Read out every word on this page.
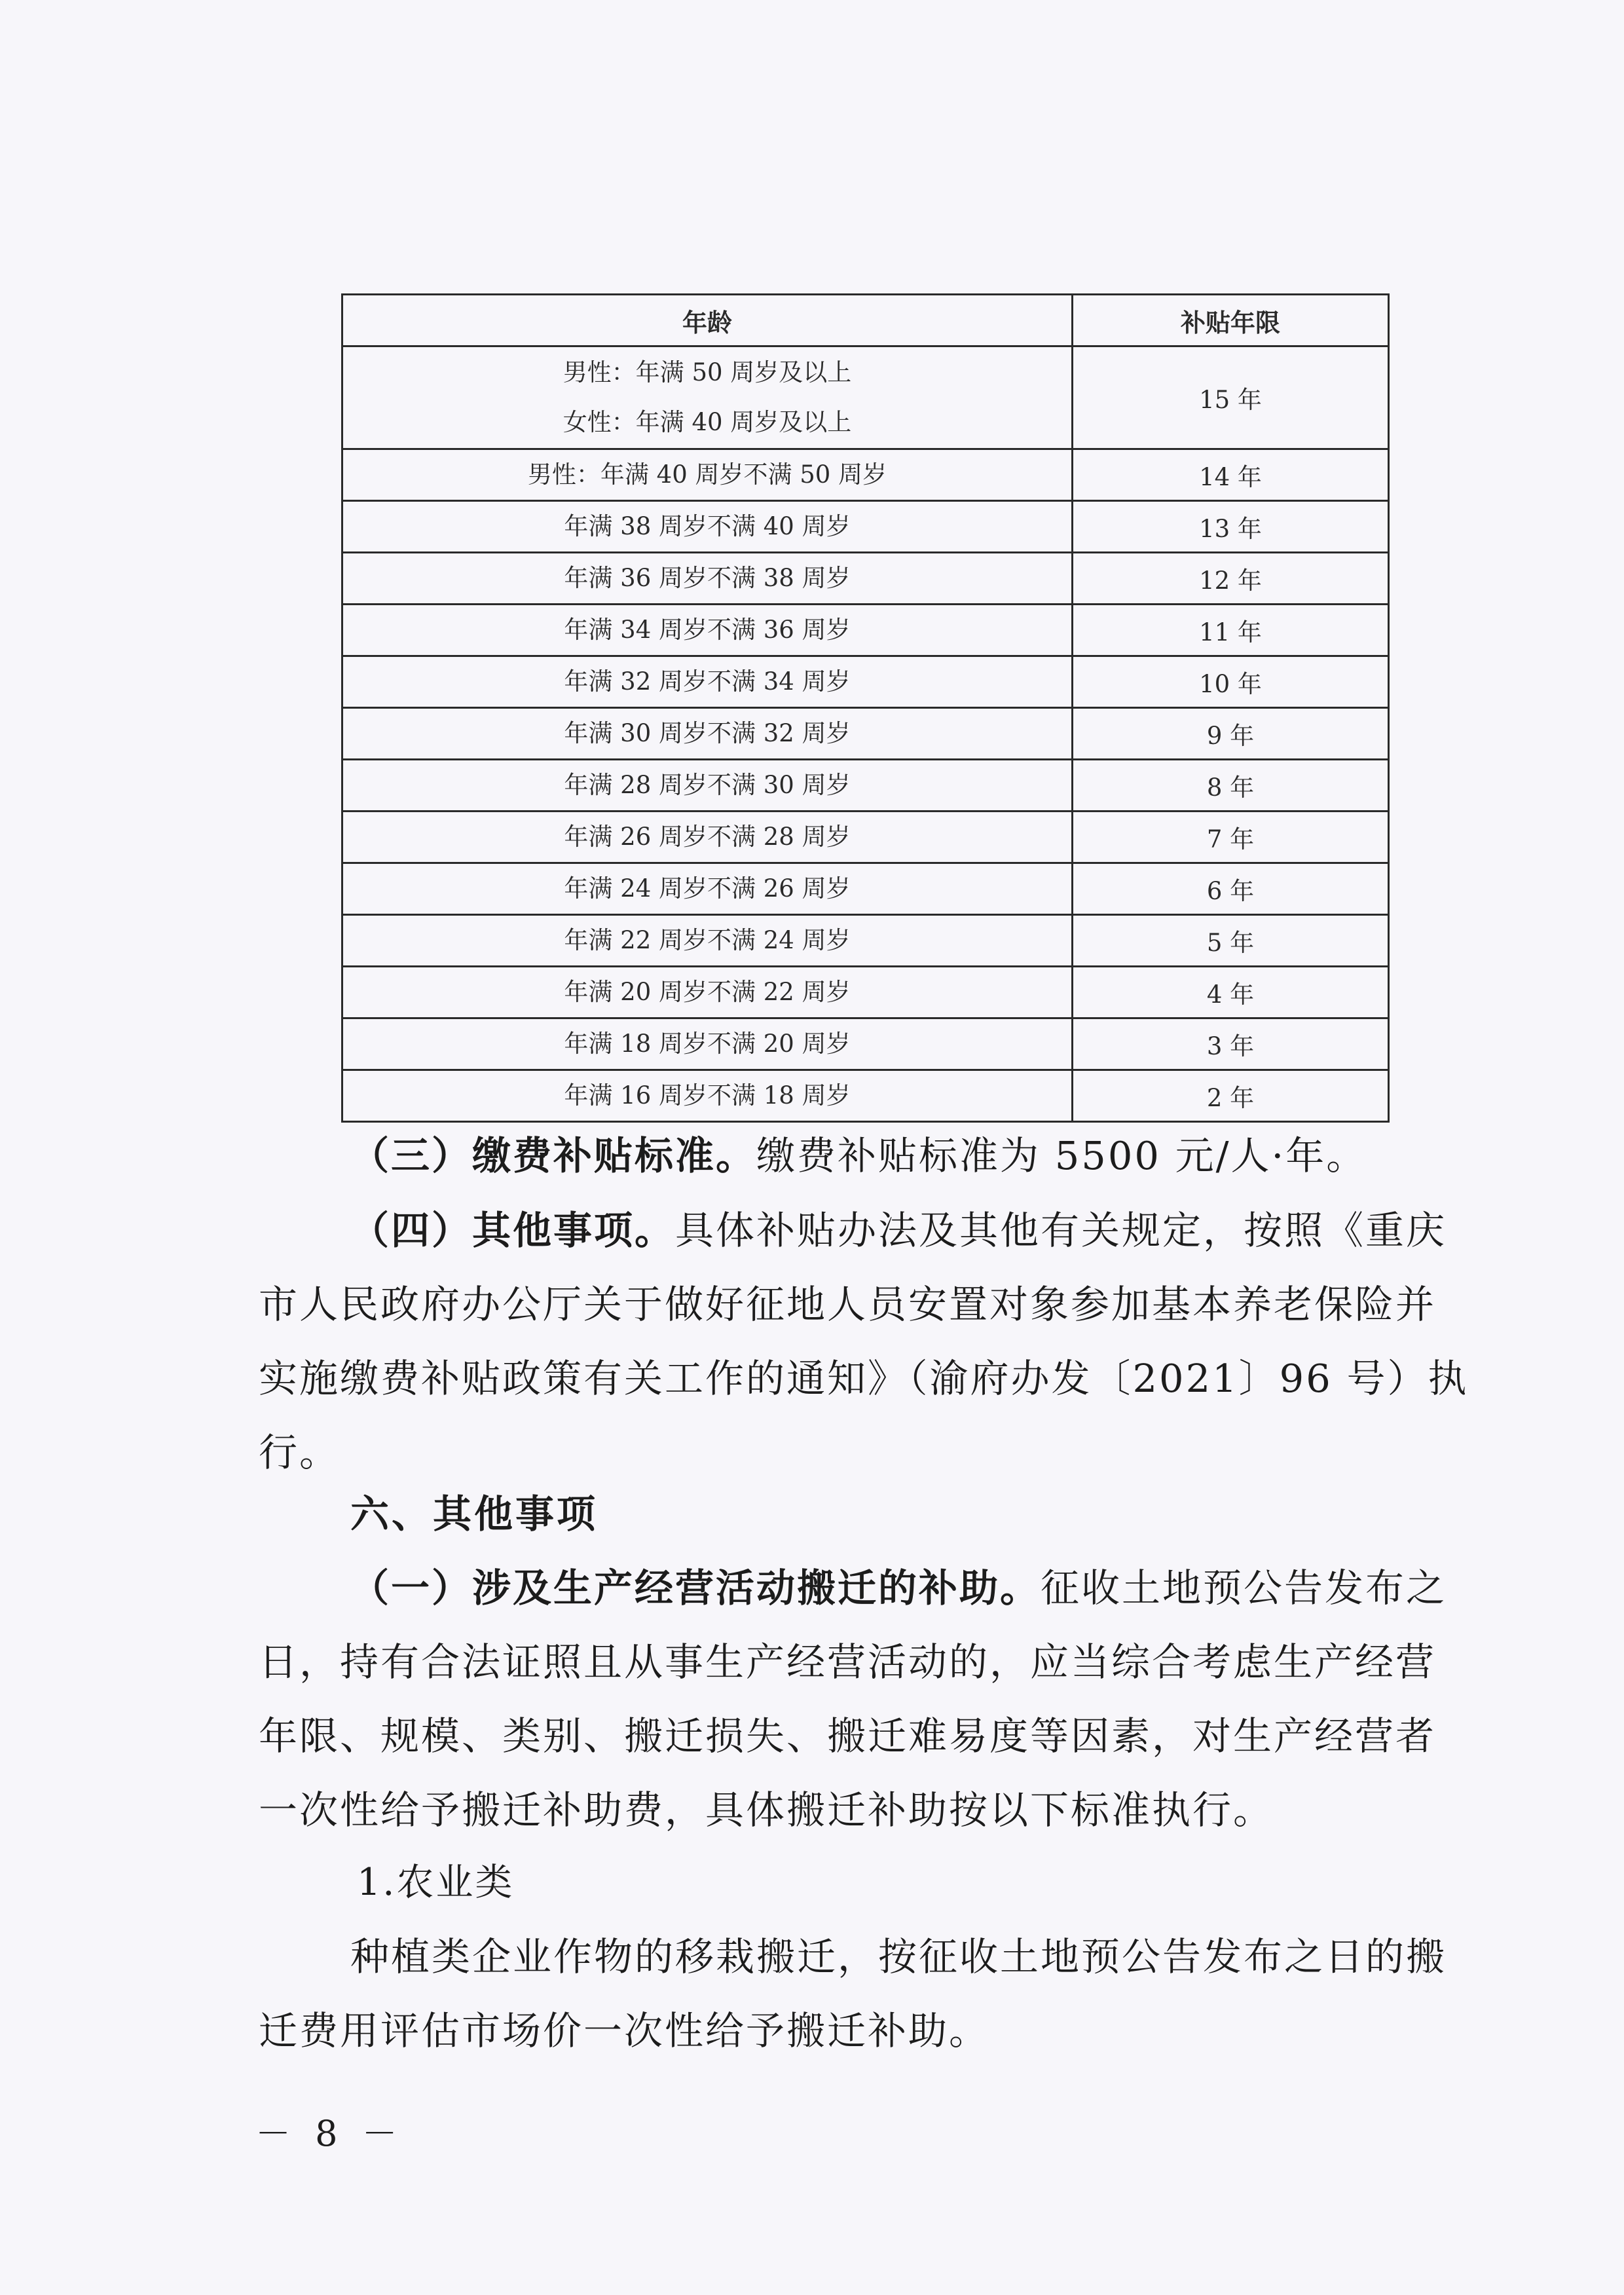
年龄	补贴年限

男性：年满 50 周岁及以上
女性：年满 40 周岁及以上	15 年

男性：年满 40 周岁不满 50 周岁	14 年

年满 38 周岁不满 40 周岁	13 年

年满 36 周岁不满 38 周岁	12 年

年满 34 周岁不满 36 周岁	11 年

年满 32 周岁不满 34 周岁	10 年

年满 30 周岁不满 32 周岁	9 年

年满 28 周岁不满 30 周岁	8 年

年满 26 周岁不满 28 周岁	7 年

年满 24 周岁不满 26 周岁	6 年

年满 22 周岁不满 24 周岁	5 年

年满 20 周岁不满 22 周岁	4 年

年满 18 周岁不满 20 周岁	3 年

年满 16 周岁不满 18 周岁	2 年

（三）缴费补贴标准。缴费补贴标准为 5500 元/人·年。

（四）其他事项。具体补贴办法及其他有关规定，按照《重庆市人民政府办公厅关于做好征地人员安置对象参加基本养老保险并实施缴费补贴政策有关工作的通知》（渝府办发〔2021〕96 号）执行。

六、其他事项

（一）涉及生产经营活动搬迁的补助。征收土地预公告发布之日，持有合法证照且从事生产经营活动的，应当综合考虑生产经营年限、规模、类别、搬迁损失、搬迁难易度等因素，对生产经营者一次性给予搬迁补助费，具体搬迁补助按以下标准执行。

1.农业类

种植类企业作物的移栽搬迁，按征收土地预公告发布之日的搬迁费用评估市场价一次性给予搬迁补助。

－ 8 －
